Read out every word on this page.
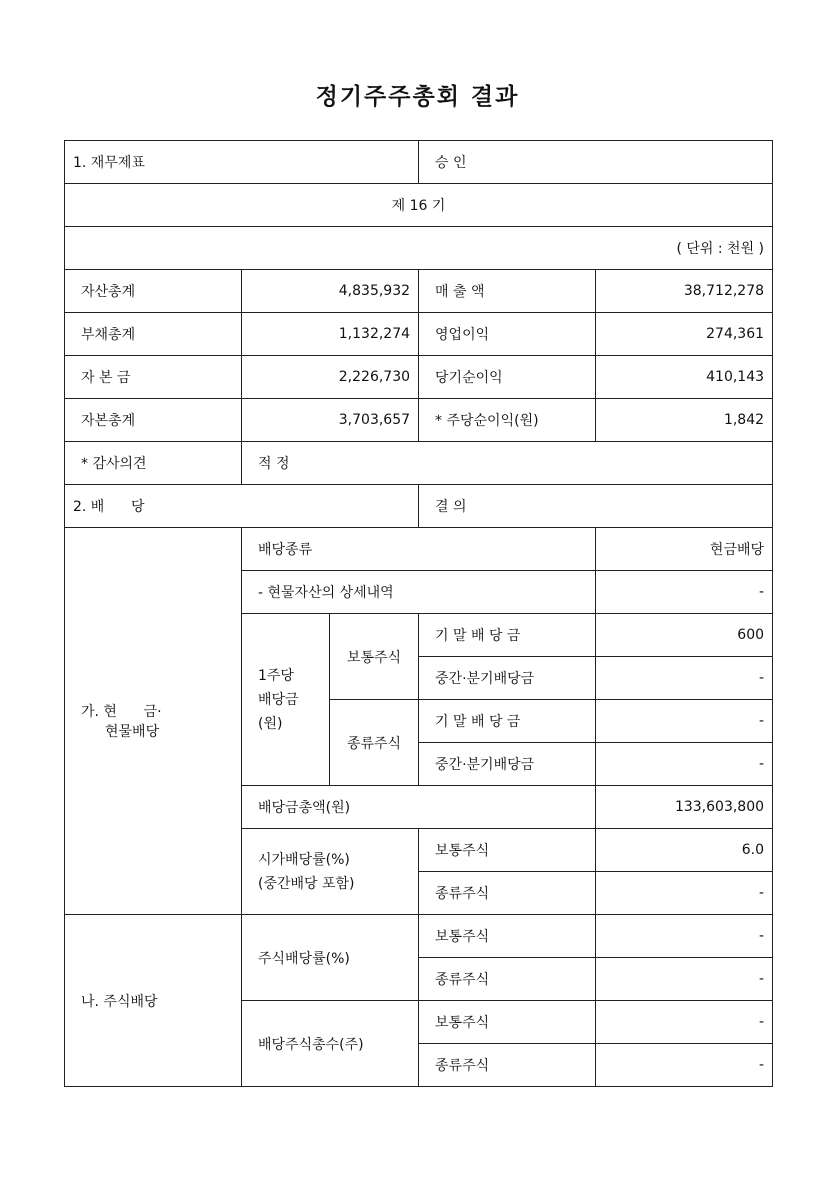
정기주주총회 결과
1. 재무제표			승 인	
제 16 기				
( 단위 : 천원 )				
자산총계	4,835,932		매 출 액	38,712,278
부채총계	1,132,274		영업이익	274,361
자 본 금	2,226,730		당기순이익	410,143
자본총계	3,703,657		* 주당순이익(원)	1,842
* 감사의견	적 정			
2. 배      당			결 의	

가. 현      금·
현물배당	배당종류			현금배당
	- 현물자산의 상세내역			-

	1주당
배당금
(원)	보통주식	기 말 배 당 금	600
			중간·분기배당금	-
		종류주식	기 말 배 당 금	-
			중간·분기배당금	-
	배당금총액(원)			133,603,800

	시가배당률(%)
(중간배당 포함)		보통주식	6.0
			종류주식	-
나. 주식배당	주식배당률(%)		보통주식	-
			종류주식	-
	배당주식총수(주)		보통주식	-
			종류주식	-
